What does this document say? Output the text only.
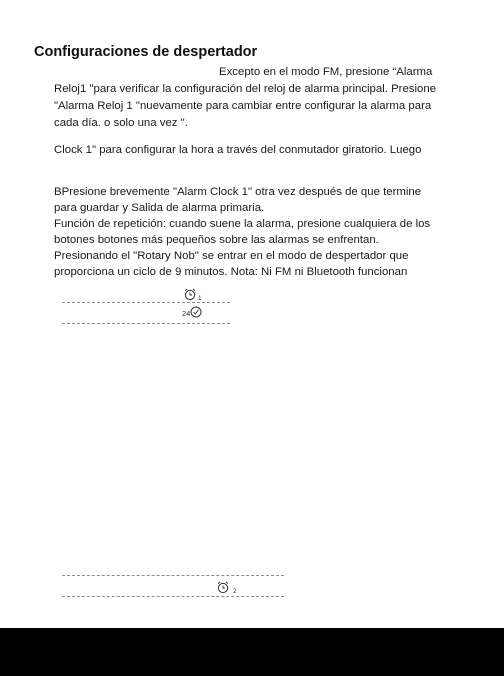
Configuraciones de despertador
Excepto en el modo FM, presione “Alarma
Reloj1 "para verificar la configuración del reloj de alarma principal. Presione
"Alarma Reloj 1 "nuevamente para cambiar entre configurar la alarma para
cada día. o solo una vez ".
Clock 1" para configurar la hora a través del conmutador giratorio. Luego
BPresione brevemente "Alarm Clock 1" otra vez después de que termine
para guardar y Salida de alarma primaria.
Función de repetición: cuando suene la alarma, presione cualquiera de los
botones botones más pequeños sobre las alarmas se enfrentan.
Presionando el "Rotary Nob" se entrar en el modo de despertador que
proporciona un ciclo de 9 minutos. Nota: Ni FM ni Bluetooth funcionan
1
24
2
